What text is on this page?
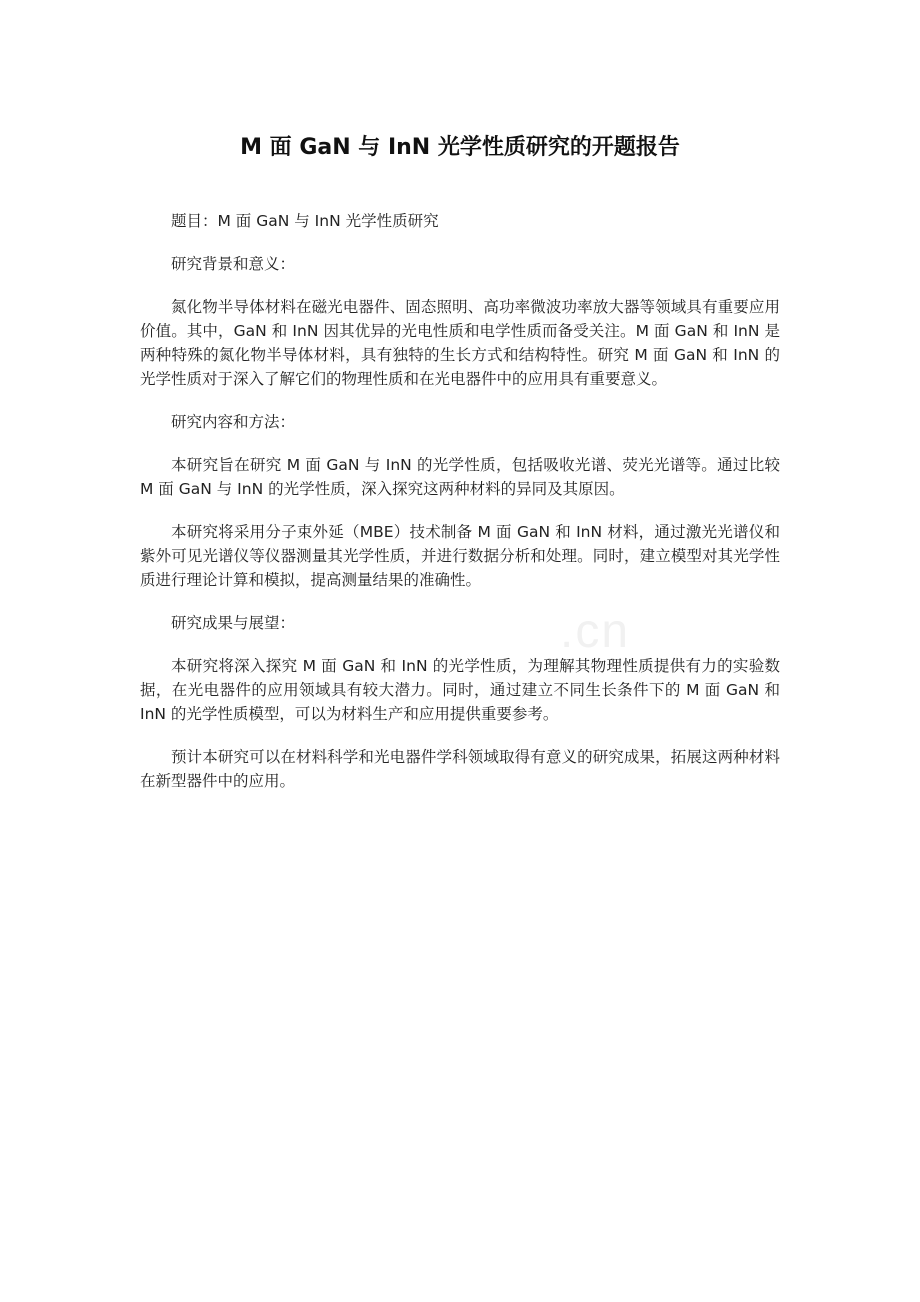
.cn
M 面 GaN 与 InN 光学性质研究的开题报告

题目：M 面 GaN 与 InN 光学性质研究

研究背景和意义：

氮化物半导体材料在磁光电器件、固态照明、高功率微波功率放大器等领域具有重要应用价值。其中，GaN 和 InN 因其优异的光电性质和电学性质而备受关注。M 面 GaN 和 InN 是两种特殊的氮化物半导体材料，具有独特的生长方式和结构特性。研究 M 面 GaN 和 InN 的光学性质对于深入了解它们的物理性质和在光电器件中的应用具有重要意义。

研究内容和方法：

本研究旨在研究 M 面 GaN 与 InN 的光学性质，包括吸收光谱、荧光光谱等。通过比较 M 面 GaN 与 InN 的光学性质，深入探究这两种材料的异同及其原因。

本研究将采用分子束外延（MBE）技术制备 M 面 GaN 和 InN 材料，通过激光光谱仪和紫外可见光谱仪等仪器测量其光学性质，并进行数据分析和处理。同时，建立模型对其光学性质进行理论计算和模拟，提高测量结果的准确性。

研究成果与展望：

本研究将深入探究 M 面 GaN 和 InN 的光学性质，为理解其物理性质提供有力的实验数据，在光电器件的应用领域具有较大潜力。同时，通过建立不同生长条件下的 M 面 GaN 和 InN 的光学性质模型，可以为材料生产和应用提供重要参考。

预计本研究可以在材料科学和光电器件学科领域取得有意义的研究成果，拓展这两种材料在新型器件中的应用。
